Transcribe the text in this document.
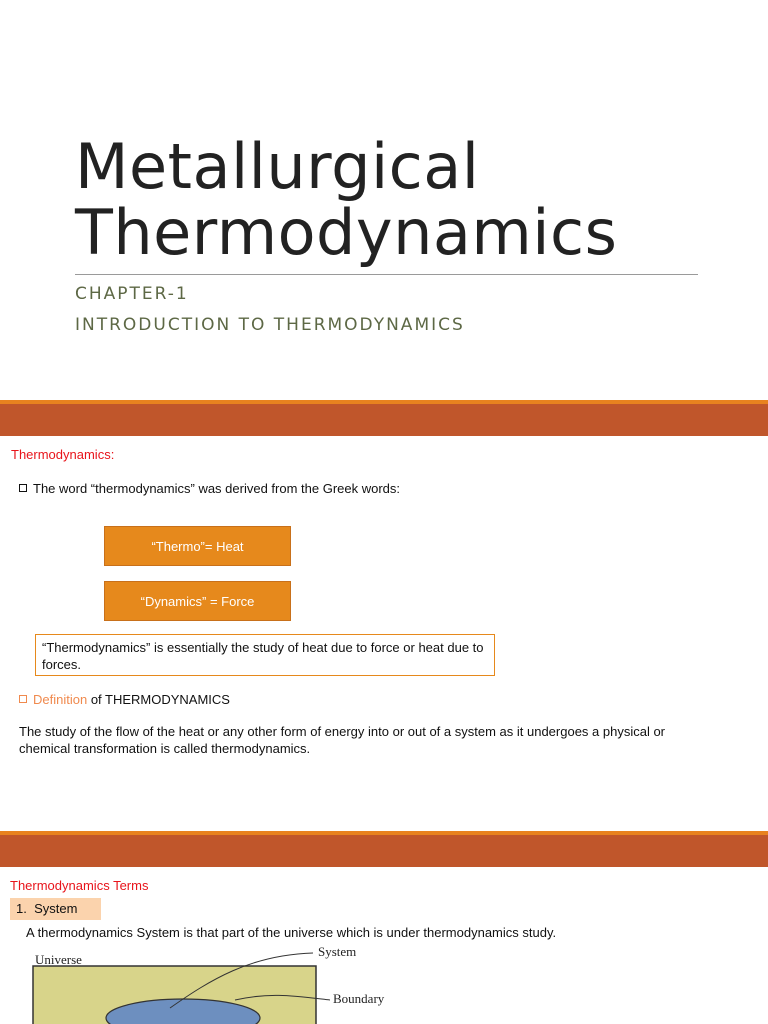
Metallurgical
Thermodynamics
CHAPTER-1
INTRODUCTION TO THERMODYNAMICS
Thermodynamics:
The word “thermodynamics” was derived from the Greek words:
“Thermo”= Heat
“Dynamics” = Force
“Thermodynamics” is essentially the study of heat due to force or heat due to forces.
Definition of THERMODYNAMICS
The study of the flow of the heat or any other form of energy into or out of a system as it undergoes a physical or chemical transformation is called thermodynamics.
Thermodynamics Terms
1. System
A thermodynamics System is that part of the universe which is under thermodynamics study.
Universe
System
Boundary
